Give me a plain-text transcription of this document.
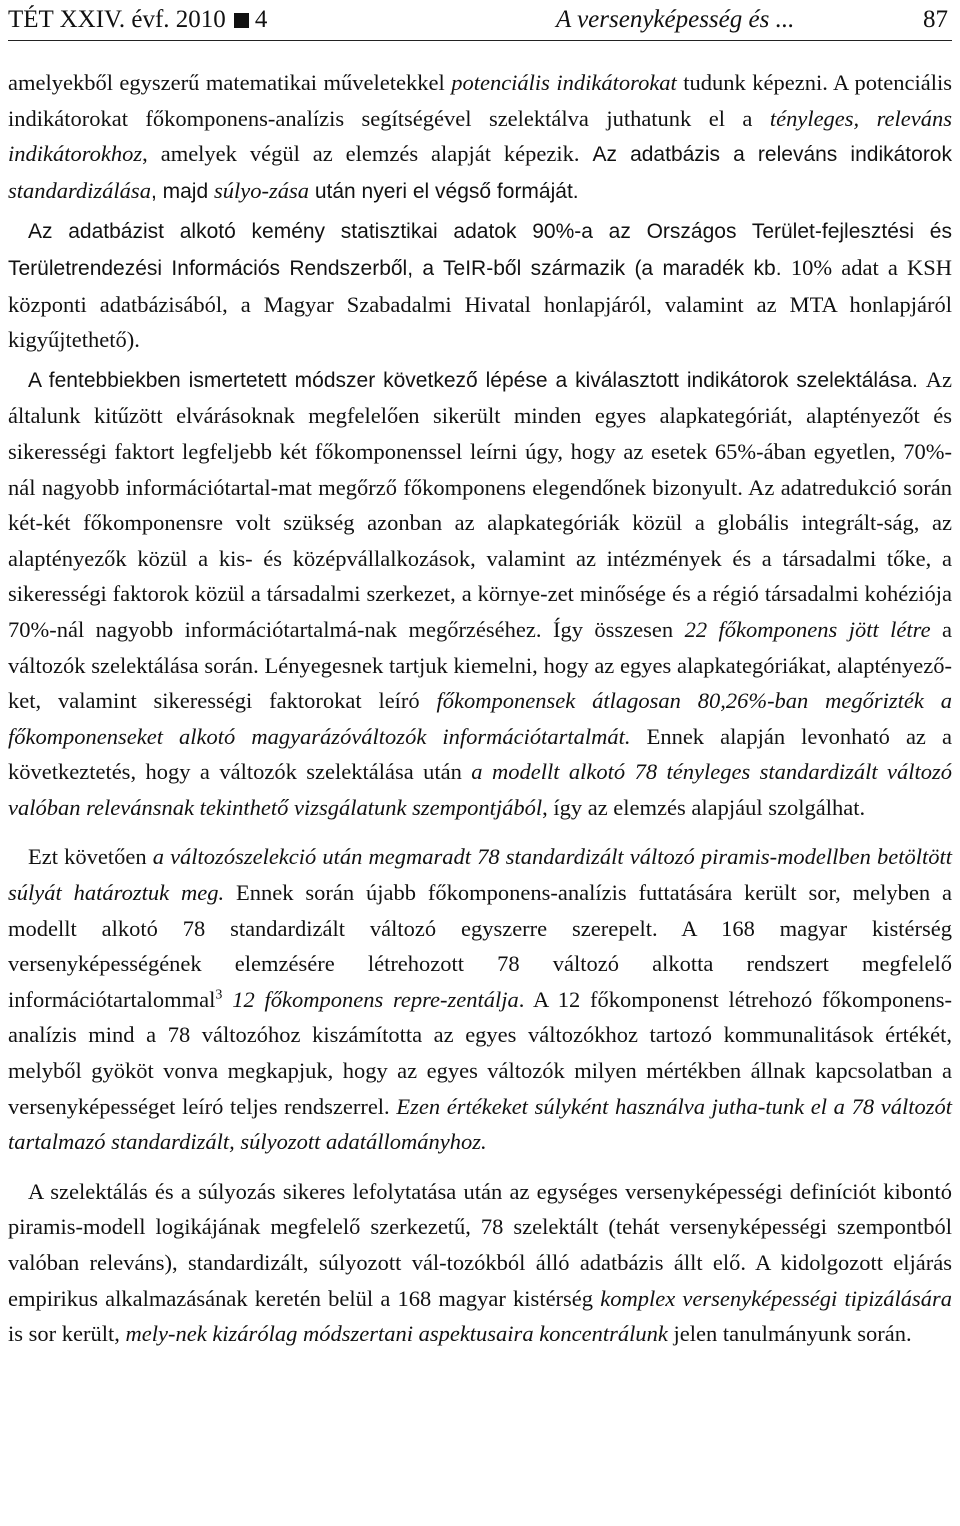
TÉT XXIV. évf. 2010 4	A versenyképesség és ...	87

amelyekből egyszerű matematikai műveletekkel potenciális indikátorokat tudunk képezni. A potenciális indikátorokat főkomponens-analízis segítségével szelektálva juthatunk el a tényleges, releváns indikátorokhoz, amelyek végül az elemzés alapját képezik. Az adatbázis a releváns indikátorok standardizálása, majd súlyo-zása után nyeri el végső formáját.

Az adatbázist alkotó kemény statisztikai adatok 90%-a az Országos Terület-fejlesztési és Területrendezési Információs Rendszerből, a TeIR-ből származik (a maradék kb. 10% adat a KSH központi adatbázisából, a Magyar Szabadalmi Hivatal honlapjáról, valamint az MTA honlapjáról kigyűjtethető).

A fentebbiekben ismertetett módszer következő lépése a kiválasztott indikátorok szelektálása. Az általunk kitűzött elvárásoknak megfelelően sikerült minden egyes alapkategóriát, alaptényezőt és sikerességi faktort legfeljebb két főkomponenssel leírni úgy, hogy az esetek 65%-ában egyetlen, 70%-nál nagyobb információtartal-mat megőrző főkomponens elegendőnek bizonyult. Az adatredukció során két-két főkomponensre volt szükség azonban az alapkategóriák közül a globális integrált-ság, az alaptényezők közül a kis- és középvállalkozások, valamint az intézmények és a társadalmi tőke, a sikerességi faktorok közül a társadalmi szerkezet, a környe-zet minősége és a régió társadalmi kohéziója 70%-nál nagyobb információtartalmá-nak megőrzéséhez. Így összesen 22 főkomponens jött létre a változók szelektálása során. Lényegesnek tartjuk kiemelni, hogy az egyes alapkategóriákat, alaptényező-ket, valamint sikerességi faktorokat leíró főkomponensek átlagosan 80,26%-ban megőrizték a főkomponenseket alkotó magyarázóváltozók információtartalmát. Ennek alapján levonható az a következtetés, hogy a változók szelektálása után a modellt alkotó 78 tényleges standardizált változó valóban relevánsnak tekinthető vizsgálatunk szempontjából, így az elemzés alapjául szolgálhat.

Ezt követően a változószelekció után megmaradt 78 standardizált változó piramis-modellben betöltött súlyát határoztuk meg. Ennek során újabb főkomponens-analízis futtatására került sor, melyben a modellt alkotó 78 standardizált változó egyszerre szerepelt. A 168 magyar kistérség versenyképességének elemzésére létrehozott 78 változó alkotta rendszert megfelelő információtartalommal$^3$ 12 főkomponens repre-zentálja. A 12 főkomponenst létrehozó főkomponens-analízis mind a 78 változóhoz kiszámította az egyes változókhoz tartozó kommunalitások értékét, melyből gyököt vonva megkapjuk, hogy az egyes változók milyen mértékben állnak kapcsolatban a versenyképességet leíró teljes rendszerrel. Ezen értékeket súlyként használva jutha-tunk el a 78 változót tartalmazó standardizált, súlyozott adatállományhoz.

A szelektálás és a súlyozás sikeres lefolytatása után az egységes versenyképességi definíciót kibontó piramis-modell logikájának megfelelő szerkezetű, 78 szelektált (tehát versenyképességi szempontból valóban releváns), standardizált, súlyozott vál-tozókból álló adatbázis állt elő. A kidolgozott eljárás empirikus alkalmazásának keretén belül a 168 magyar kistérség komplex versenyképességi tipizálására is sor került, mely-nek kizárólag módszertani aspektusaira koncentrálunk jelen tanulmányunk során.
